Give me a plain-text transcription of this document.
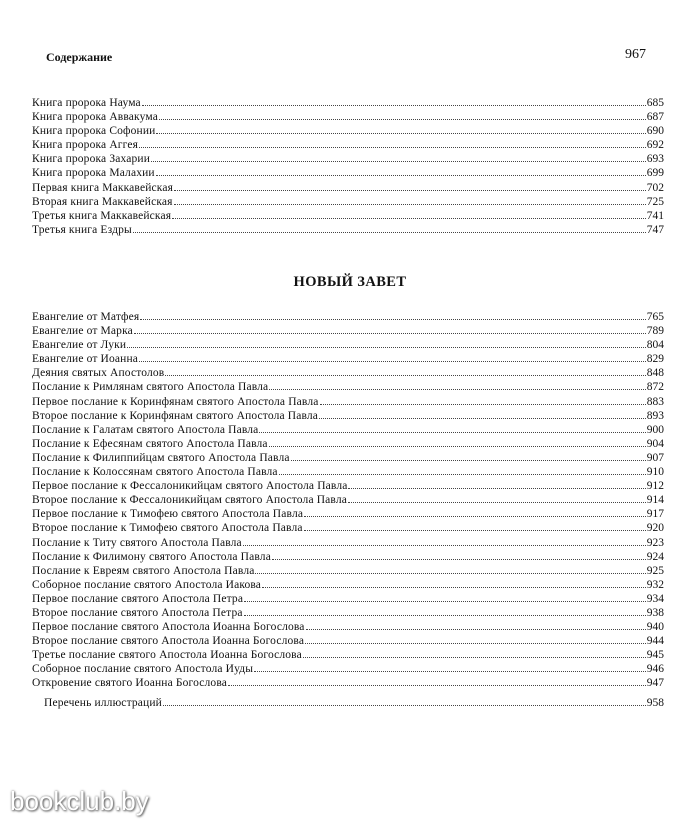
Содержание	967
Книга пророка Наума	685
Книга пророка Аввакума	687
Книга пророка Софонии	690
Книга пророка Аггея	692
Книга пророка Захарии	693
Книга пророка Малахии	699
Первая книга Маккавейская	702
Вторая книга Маккавейская	725
Третья книга Маккавейская	741
Третья книга Ездры	747
НОВЫЙ ЗАВЕТ
Евангелие от Матфея	765
Евангелие от Марка	789
Евангелие от Луки	804
Евангелие от Иоанна	829
Деяния святых Апостолов	848
Послание к Римлянам святого Апостола Павла	872
Первое послание к Коринфянам святого Апостола Павла	883
Второе послание к Коринфянам святого Апостола Павла	893
Послание к Галатам святого Апостола Павла	900
Послание к Ефесянам святого Апостола Павла	904
Послание к Филиппийцам святого Апостола Павла	907
Послание к Колоссянам святого Апостола Павла	910
Первое послание к Фессалоникийцам святого Апостола Павла	912
Второе послание к Фессалоникийцам святого Апостола Павла	914
Первое послание к Тимофею святого Апостола Павла	917
Второе послание к Тимофею святого Апостола Павла	920
Послание к Титу святого Апостола Павла	923
Послание к Филимону святого Апостола Павла	924
Послание к Евреям святого Апостола Павла	925
Соборное послание святого Апостола Иакова	932
Первое послание святого Апостола Петра	934
Второе послание святого Апостола Петра	938
Первое послание святого Апостола Иоанна Богослова	940
Второе послание святого Апостола Иоанна Богослова	944
Третье послание святого Апостола Иоанна Богослова	945
Соборное послание святого Апостола Иуды	946
Откровение святого Иоанна Богослова	947
Перечень иллюстраций	958
bookclub.by
